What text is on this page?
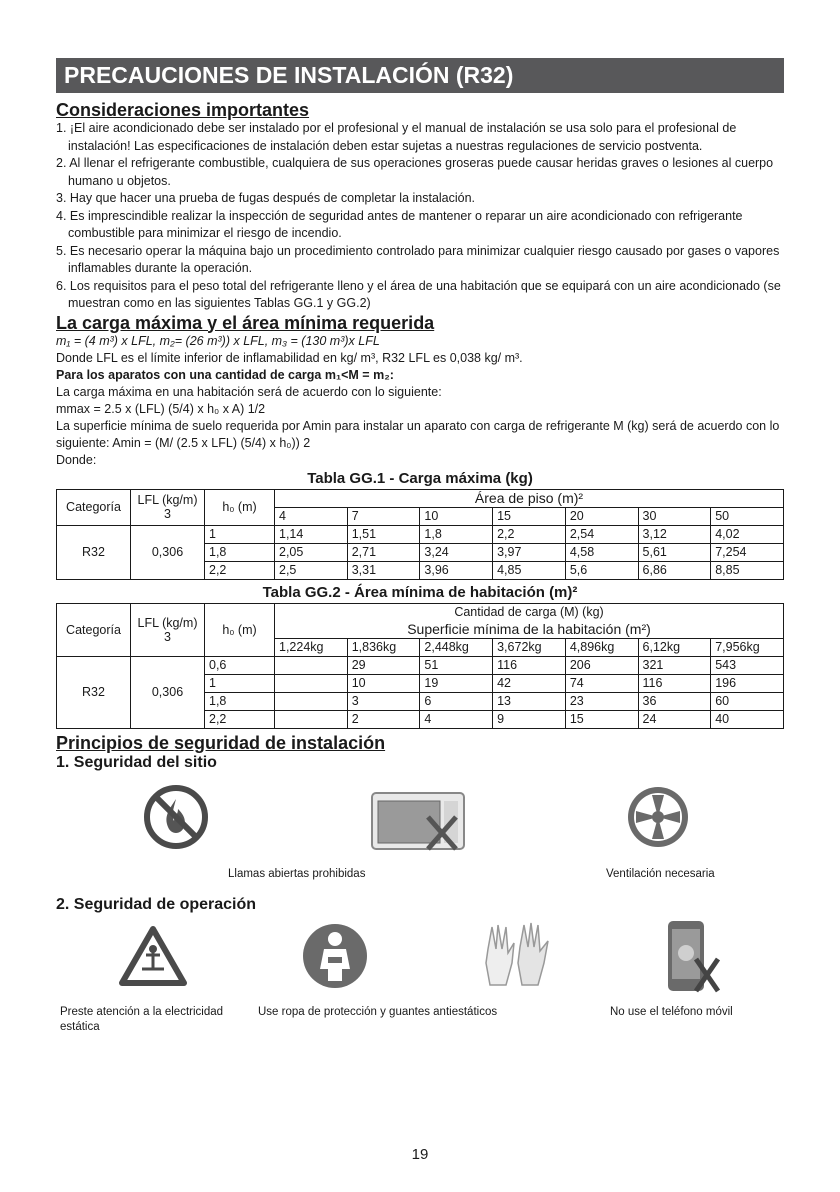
PRECAUCIONES DE INSTALACIÓN (R32)

Consideraciones importantes

1. ¡El aire acondicionado debe ser instalado por el profesional y el manual de instalación se usa solo para el profesional de instalación! Las especificaciones de instalación deben estar sujetas a nuestras regulaciones de servicio postventa.
2. Al llenar el refrigerante combustible, cualquiera de sus operaciones groseras puede causar heridas graves o lesiones al cuerpo humano u objetos.
3. Hay que hacer una prueba de fugas después de completar la instalación.
4. Es imprescindible realizar la inspección de seguridad antes de mantener o reparar un aire acondicionado con refrigerante combustible para minimizar el riesgo de incendio.
5. Es necesario operar la máquina bajo un procedimiento controlado para minimizar cualquier riesgo causado por gases o vapores inflamables durante la operación.
6. Los requisitos para el peso total del refrigerante lleno y el área de una habitación que se equipará con un aire acondicionado (se muestran como en las siguientes Tablas GG.1 y GG.2)

La carga máxima y el área mínima requerida

m₁ = (4 m³) x LFL, m₂= (26 m³)) x LFL, m₃ = (130 m³)x LFL

Donde LFL es el límite inferior de inflamabilidad en kg/ m³, R32 LFL es 0,038 kg/ m³.

Para los aparatos con una cantidad de carga m₁<M = m₂:

La carga máxima en una habitación será de acuerdo con lo siguiente:

mmax = 2.5 x (LFL) (5/4) x h₀ x A) 1/2

La superficie mínima de suelo requerida por Amin para instalar un aparato con carga de refrigerante M (kg) será de acuerdo con lo siguiente: Amin = (M/ (2.5 x LFL) (5/4) x h₀)) 2

Donde:

Tabla GG.1 - Carga máxima (kg)

Categoría	LFL (kg/m) 3	h₀ (m)	Área de piso (m)²						
			4	7	10	15	20	30	50
R32	0,306	1	1,14	1,51	1,8	2,2	2,54	3,12	4,02
		1,8	2,05	2,71	3,24	3,97	4,58	5,61	7,254
		2,2	2,5	3,31	3,96	4,85	5,6	6,86	8,85

Tabla GG.2 - Área mínima de habitación (m)²

Categoría	LFL (kg/m) 3	h₀ (m)	Cantidad de carga (M) (kg)						
			Superficie mínima de la habitación (m²)						
			1,224kg	1,836kg	2,448kg	3,672kg	4,896kg	6,12kg	7,956kg
R32	0,306	0,6		29	51	116	206	321	543
		1		10	19	42	74	116	196
		1,8		3	6	13	23	36	60
		2,2		2	4	9	15	24	40

Principios de seguridad de instalación

1. Seguridad del sitio

Llamas abiertas prohibidas	Ventilación necesaria

2. Seguridad de operación

Preste atención a la electricidad estática
Use ropa de protección y guantes antiestáticos	No use el teléfono móvil
19
